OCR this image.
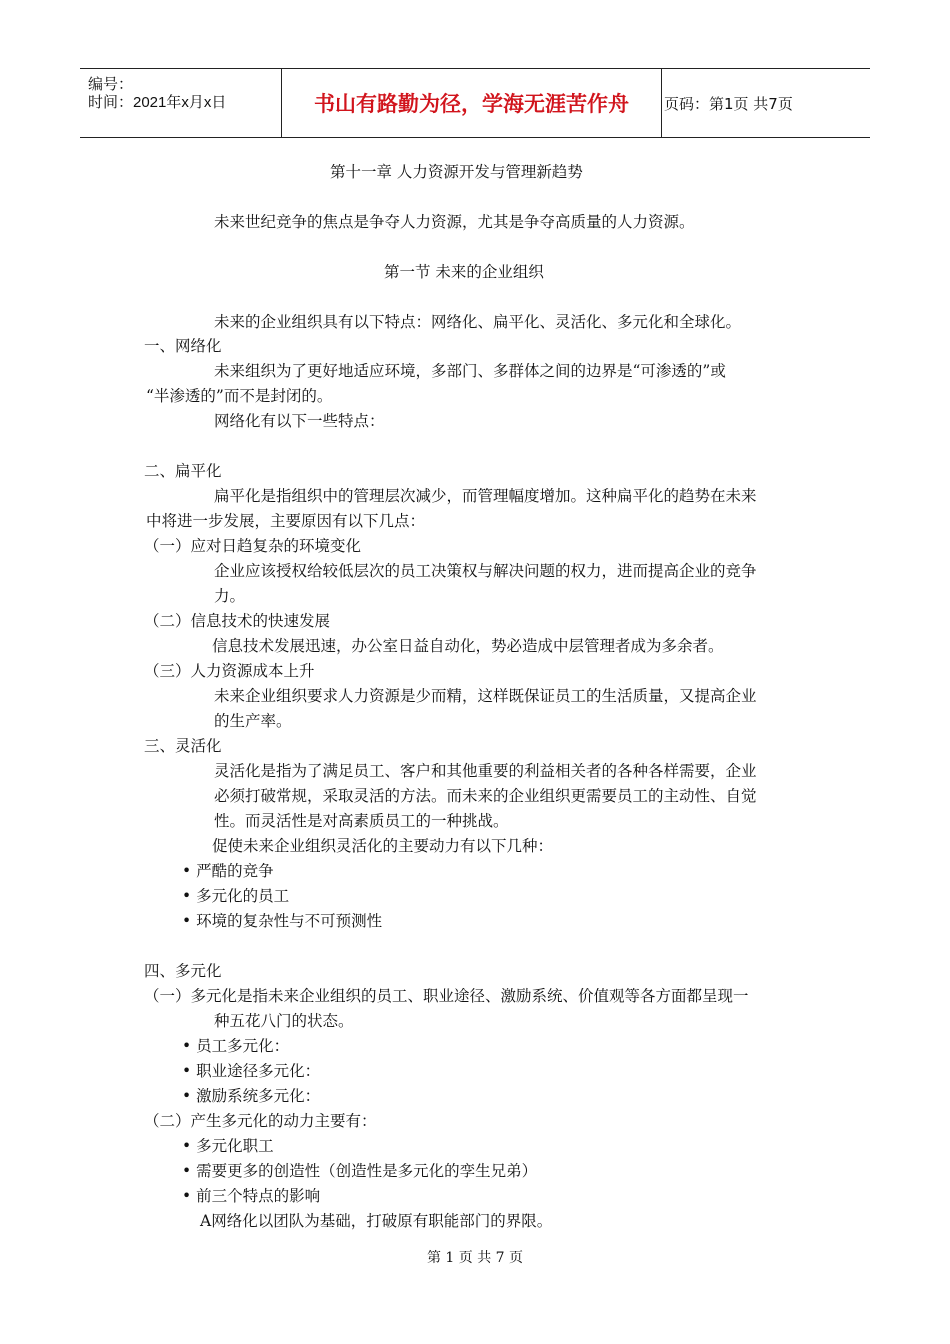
编号：
时间：2021年x月x日	书山有路勤为径，学海无涯苦作舟	页码：第1页 共7页
第十一章 人力资源开发与管理新趋势
未来世纪竞争的焦点是争夺人力资源，尤其是争夺高质量的人力资源。
第一节 未来的企业组织
未来的企业组织具有以下特点：网络化、扁平化、灵活化、多元化和全球化。
一、网络化
未来组织为了更好地适应环境，多部门、多群体之间的边界是“可渗透的”或
“半渗透的”而不是封闭的。
网络化有以下一些特点：
二、扁平化
扁平化是指组织中的管理层次减少，而管理幅度增加。这种扁平化的趋势在未来
中将进一步发展，主要原因有以下几点：
（一）应对日趋复杂的环境变化
企业应该授权给较低层次的员工决策权与解决问题的权力，进而提高企业的竞争
力。
（二）信息技术的快速发展
信息技术发展迅速，办公室日益自动化，势必造成中层管理者成为多余者。
（三）人力资源成本上升
未来企业组织要求人力资源是少而精，这样既保证员工的生活质量，又提高企业
的生产率。
三、灵活化
灵活化是指为了满足员工、客户和其他重要的利益相关者的各种各样需要，企业
必须打破常规，采取灵活的方法。而未来的企业组织更需要员工的主动性、自觉
性。而灵活性是对高素质员工的一种挑战。
促使未来企业组织灵活化的主要动力有以下几种：
• 严酷的竞争
• 多元化的员工
• 环境的复杂性与不可预测性
四、多元化
（一）多元化是指未来企业组织的员工、职业途径、激励系统、价值观等各方面都呈现一
种五花八门的状态。
• 员工多元化：
• 职业途径多元化：
• 激励系统多元化：
（二）产生多元化的动力主要有：
• 多元化职工
• 需要更多的创造性（创造性是多元化的孪生兄弟）
• 前三个特点的影响
A网络化以团队为基础，打破原有职能部门的界限。
第 1 页 共 7 页
